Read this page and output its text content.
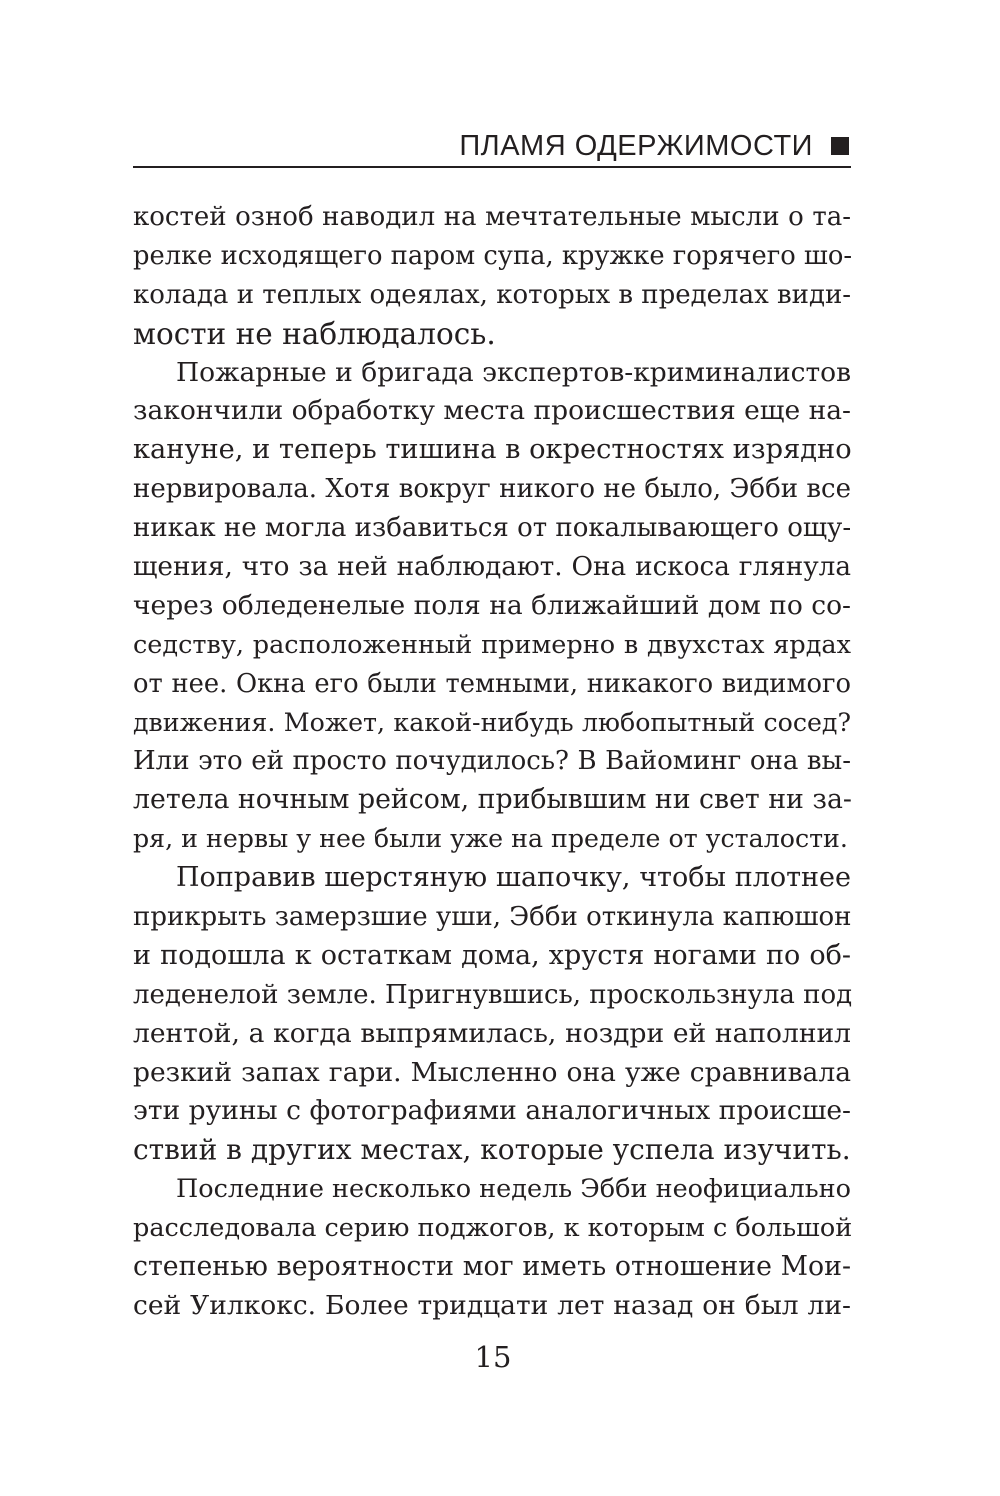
ПЛАМЯ ОДЕРЖИМОСТИ
костей озноб наводил на мечтательные мысли о та-
релке исходящего паром супа, кружке горячего шо-
колада и теплых одеялах, которых в пределах види-
мости не наблюдалось.
Пожарные и бригада экспертов-криминалистов
закончили обработку места происшествия еще на-
кануне, и теперь тишина в окрестностях изрядно
нервировала. Хотя вокруг никого не было, Эбби все
никак не могла избавиться от покалывающего ощу-
щения, что за ней наблюдают. Она искоса глянула
через обледенелые поля на ближайший дом по со-
седству, расположенный примерно в двухстах ярдах
от нее. Окна его были темными, никакого видимого
движения. Может, какой-нибудь любопытный сосед?
Или это ей просто почудилось? В Вайоминг она вы-
летела ночным рейсом, прибывшим ни свет ни за-
ря, и нервы у нее были уже на пределе от усталости.
Поправив шерстяную шапочку, чтобы плотнее
прикрыть замерзшие уши, Эбби откинула капюшон
и подошла к остаткам дома, хрустя ногами по об-
леденелой земле. Пригнувшись, проскользнула под
лентой, а когда выпрямилась, ноздри ей наполнил
резкий запах гари. Мысленно она уже сравнивала
эти руины с фотографиями аналогичных происше-
ствий в других местах, которые успела изучить.
Последние несколько недель Эбби неофициально
расследовала серию поджогов, к которым с большой
степенью вероятности мог иметь отношение Мои-
сей Уилкокс. Более тридцати лет назад он был ли-
15
